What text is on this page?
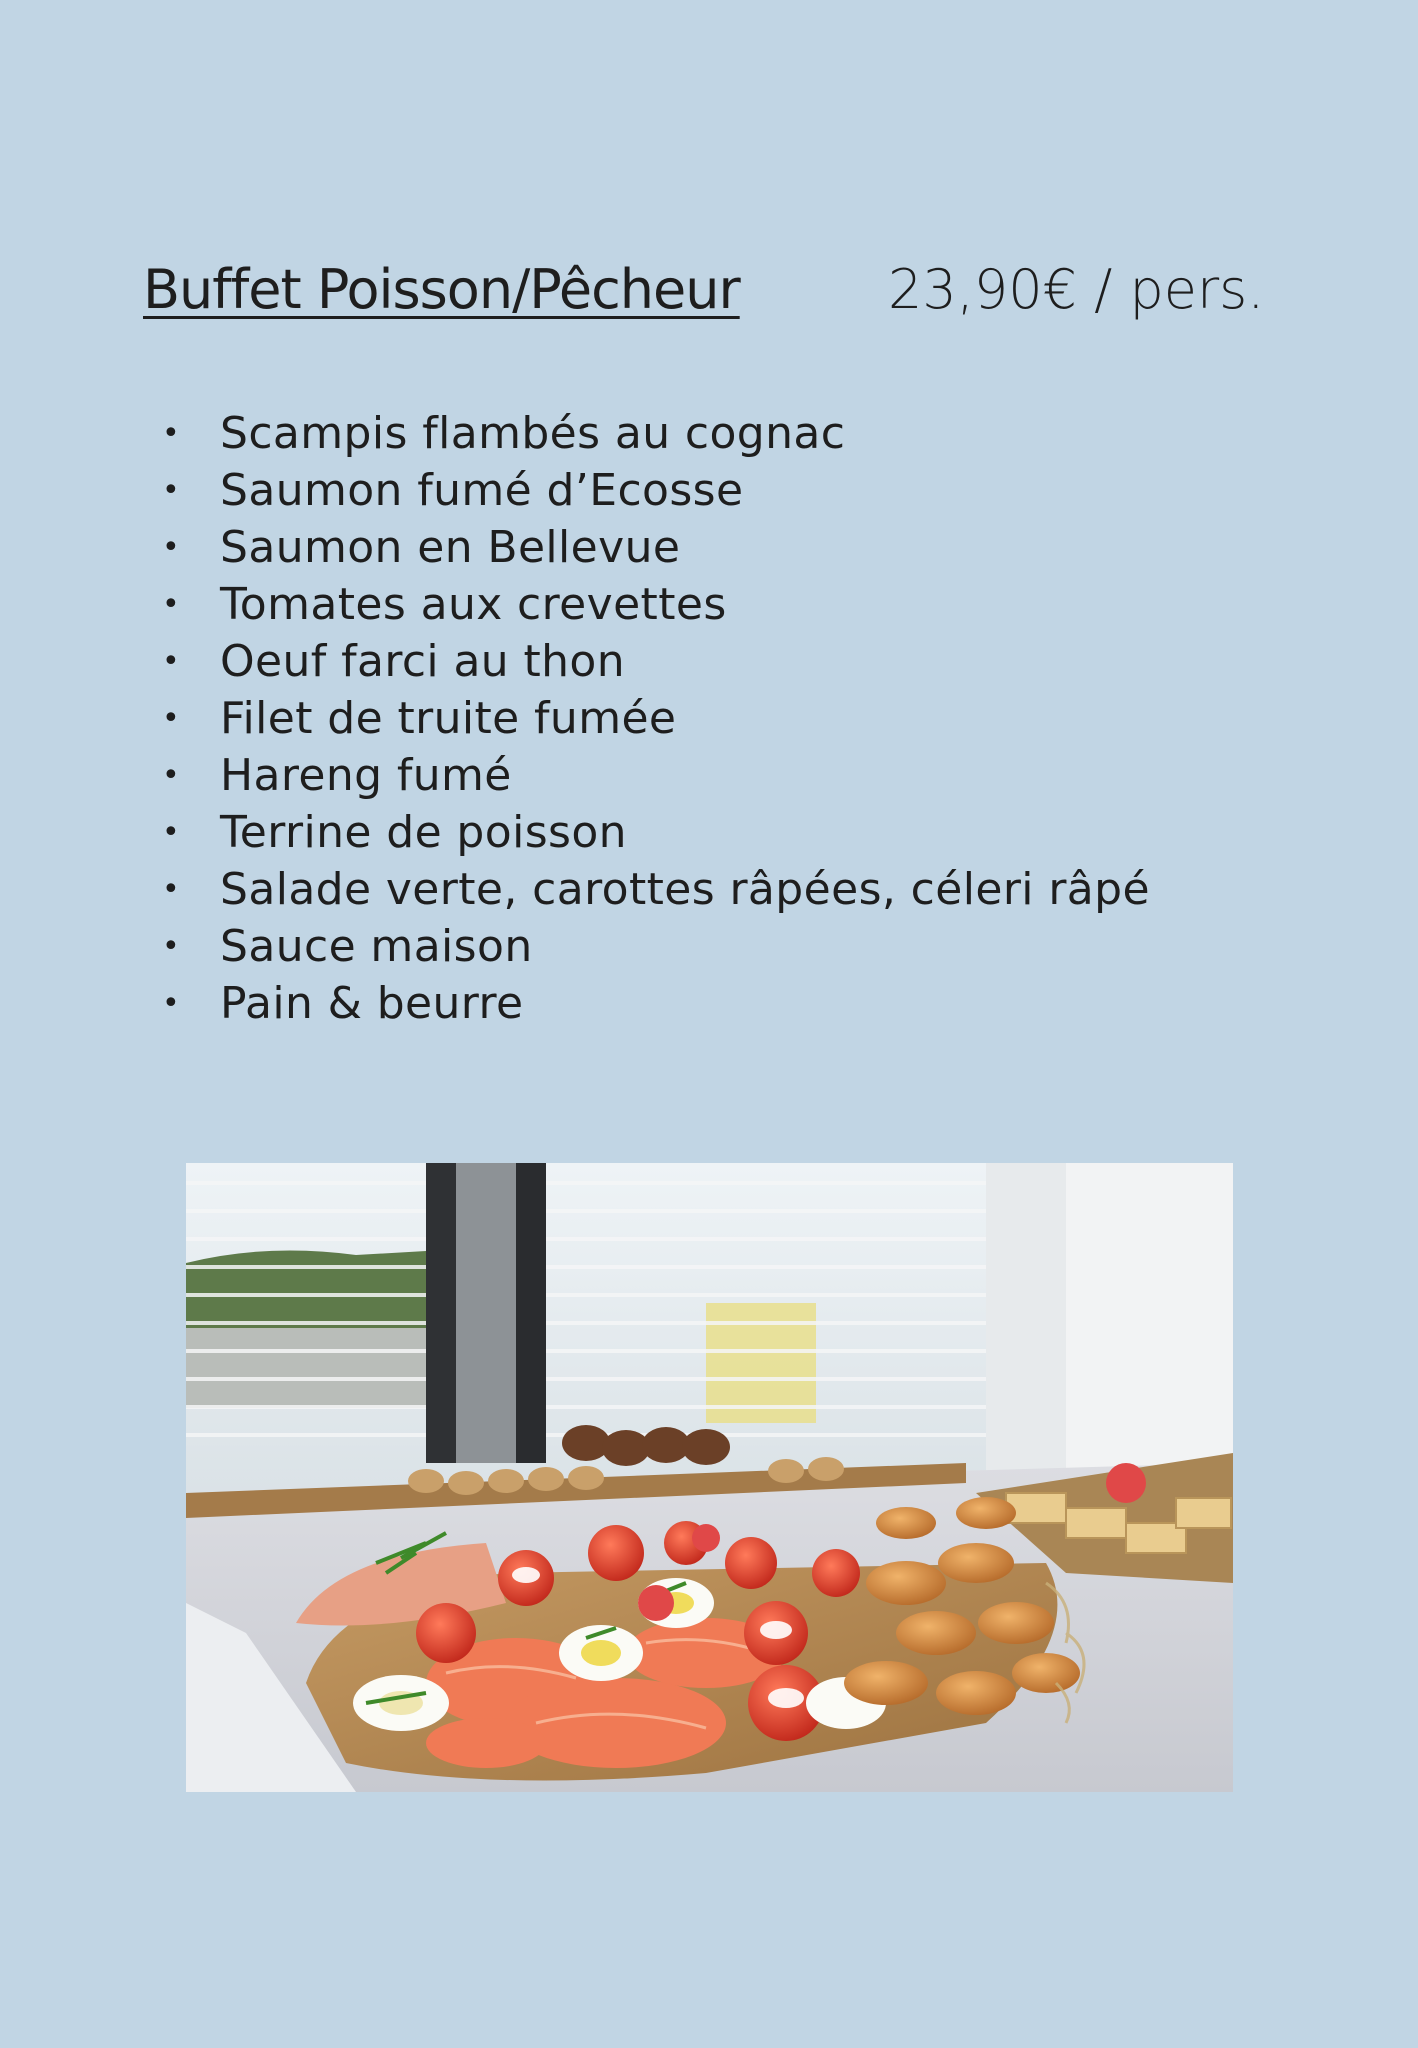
Buffet Poisson/Pêcheur	23,90€ / pers.
• Scampis flambés au cognac
• Saumon fumé d’Ecosse
• Saumon en Bellevue
• Tomates aux crevettes
• Oeuf farci au thon
• Filet de truite fumée
• Hareng fumé
• Terrine de poisson
• Salade verte, carottes râpées, céleri râpé
• Sauce maison
• Pain & beurre
